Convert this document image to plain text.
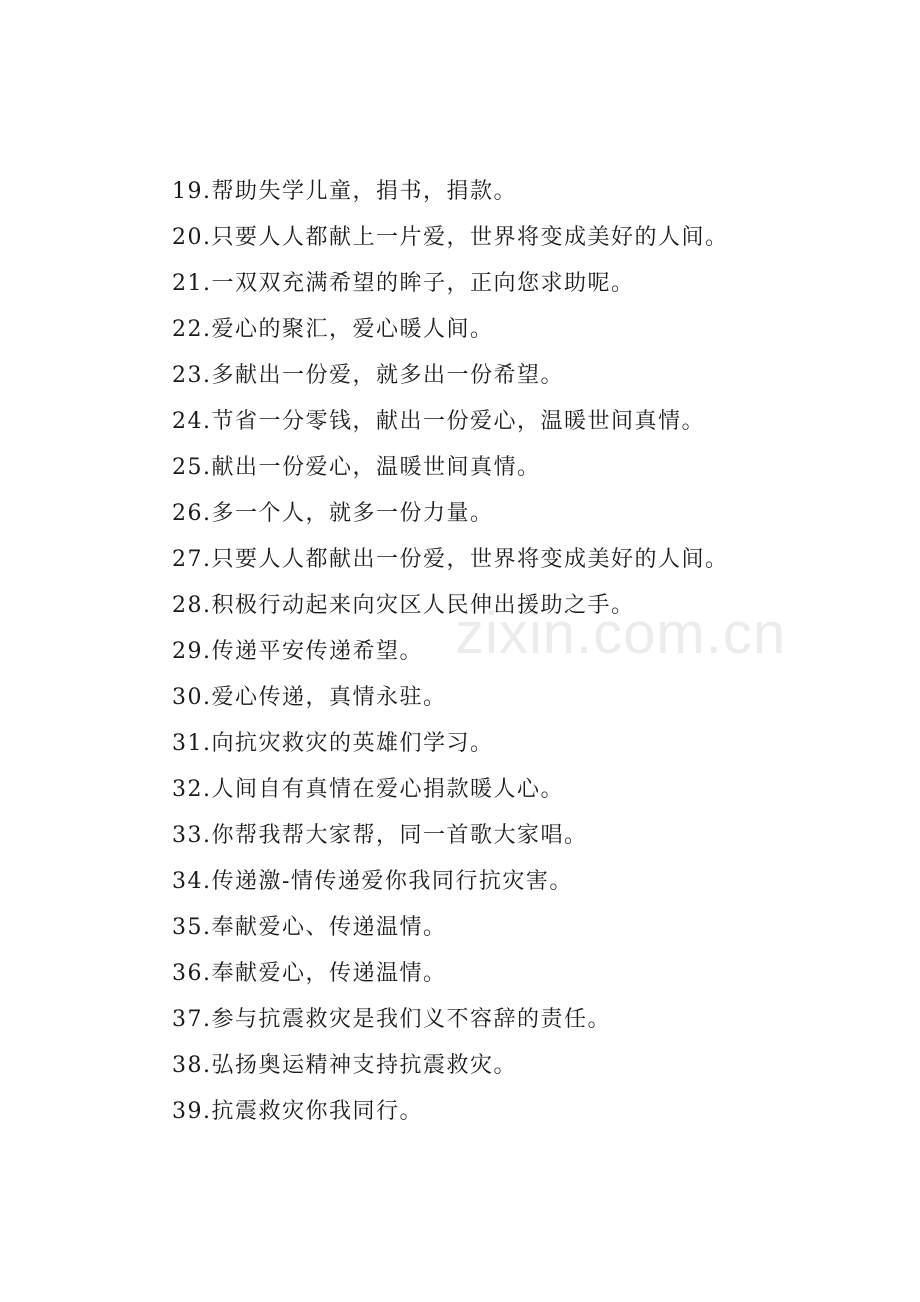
zixin.com.cn
19.帮助失学儿童，捐书，捐款。
20.只要人人都献上一片爱，世界将变成美好的人间。
21.一双双充满希望的眸子，正向您求助呢。
22.爱心的聚汇，爱心暖人间。
23.多献出一份爱，就多出一份希望。
24.节省一分零钱，献出一份爱心，温暖世间真情。
25.献出一份爱心，温暖世间真情。
26.多一个人，就多一份力量。
27.只要人人都献出一份爱，世界将变成美好的人间。
28.积极行动起来向灾区人民伸出援助之手。
29.传递平安传递希望。
30.爱心传递，真情永驻。
31.向抗灾救灾的英雄们学习。
32.人间自有真情在爱心捐款暖人心。
33.你帮我帮大家帮，同一首歌大家唱。
34.传递激-情传递爱你我同行抗灾害。
35.奉献爱心、传递温情。
36.奉献爱心，传递温情。
37.参与抗震救灾是我们义不容辞的责任。
38.弘扬奥运精神支持抗震救灾。
39.抗震救灾你我同行。
